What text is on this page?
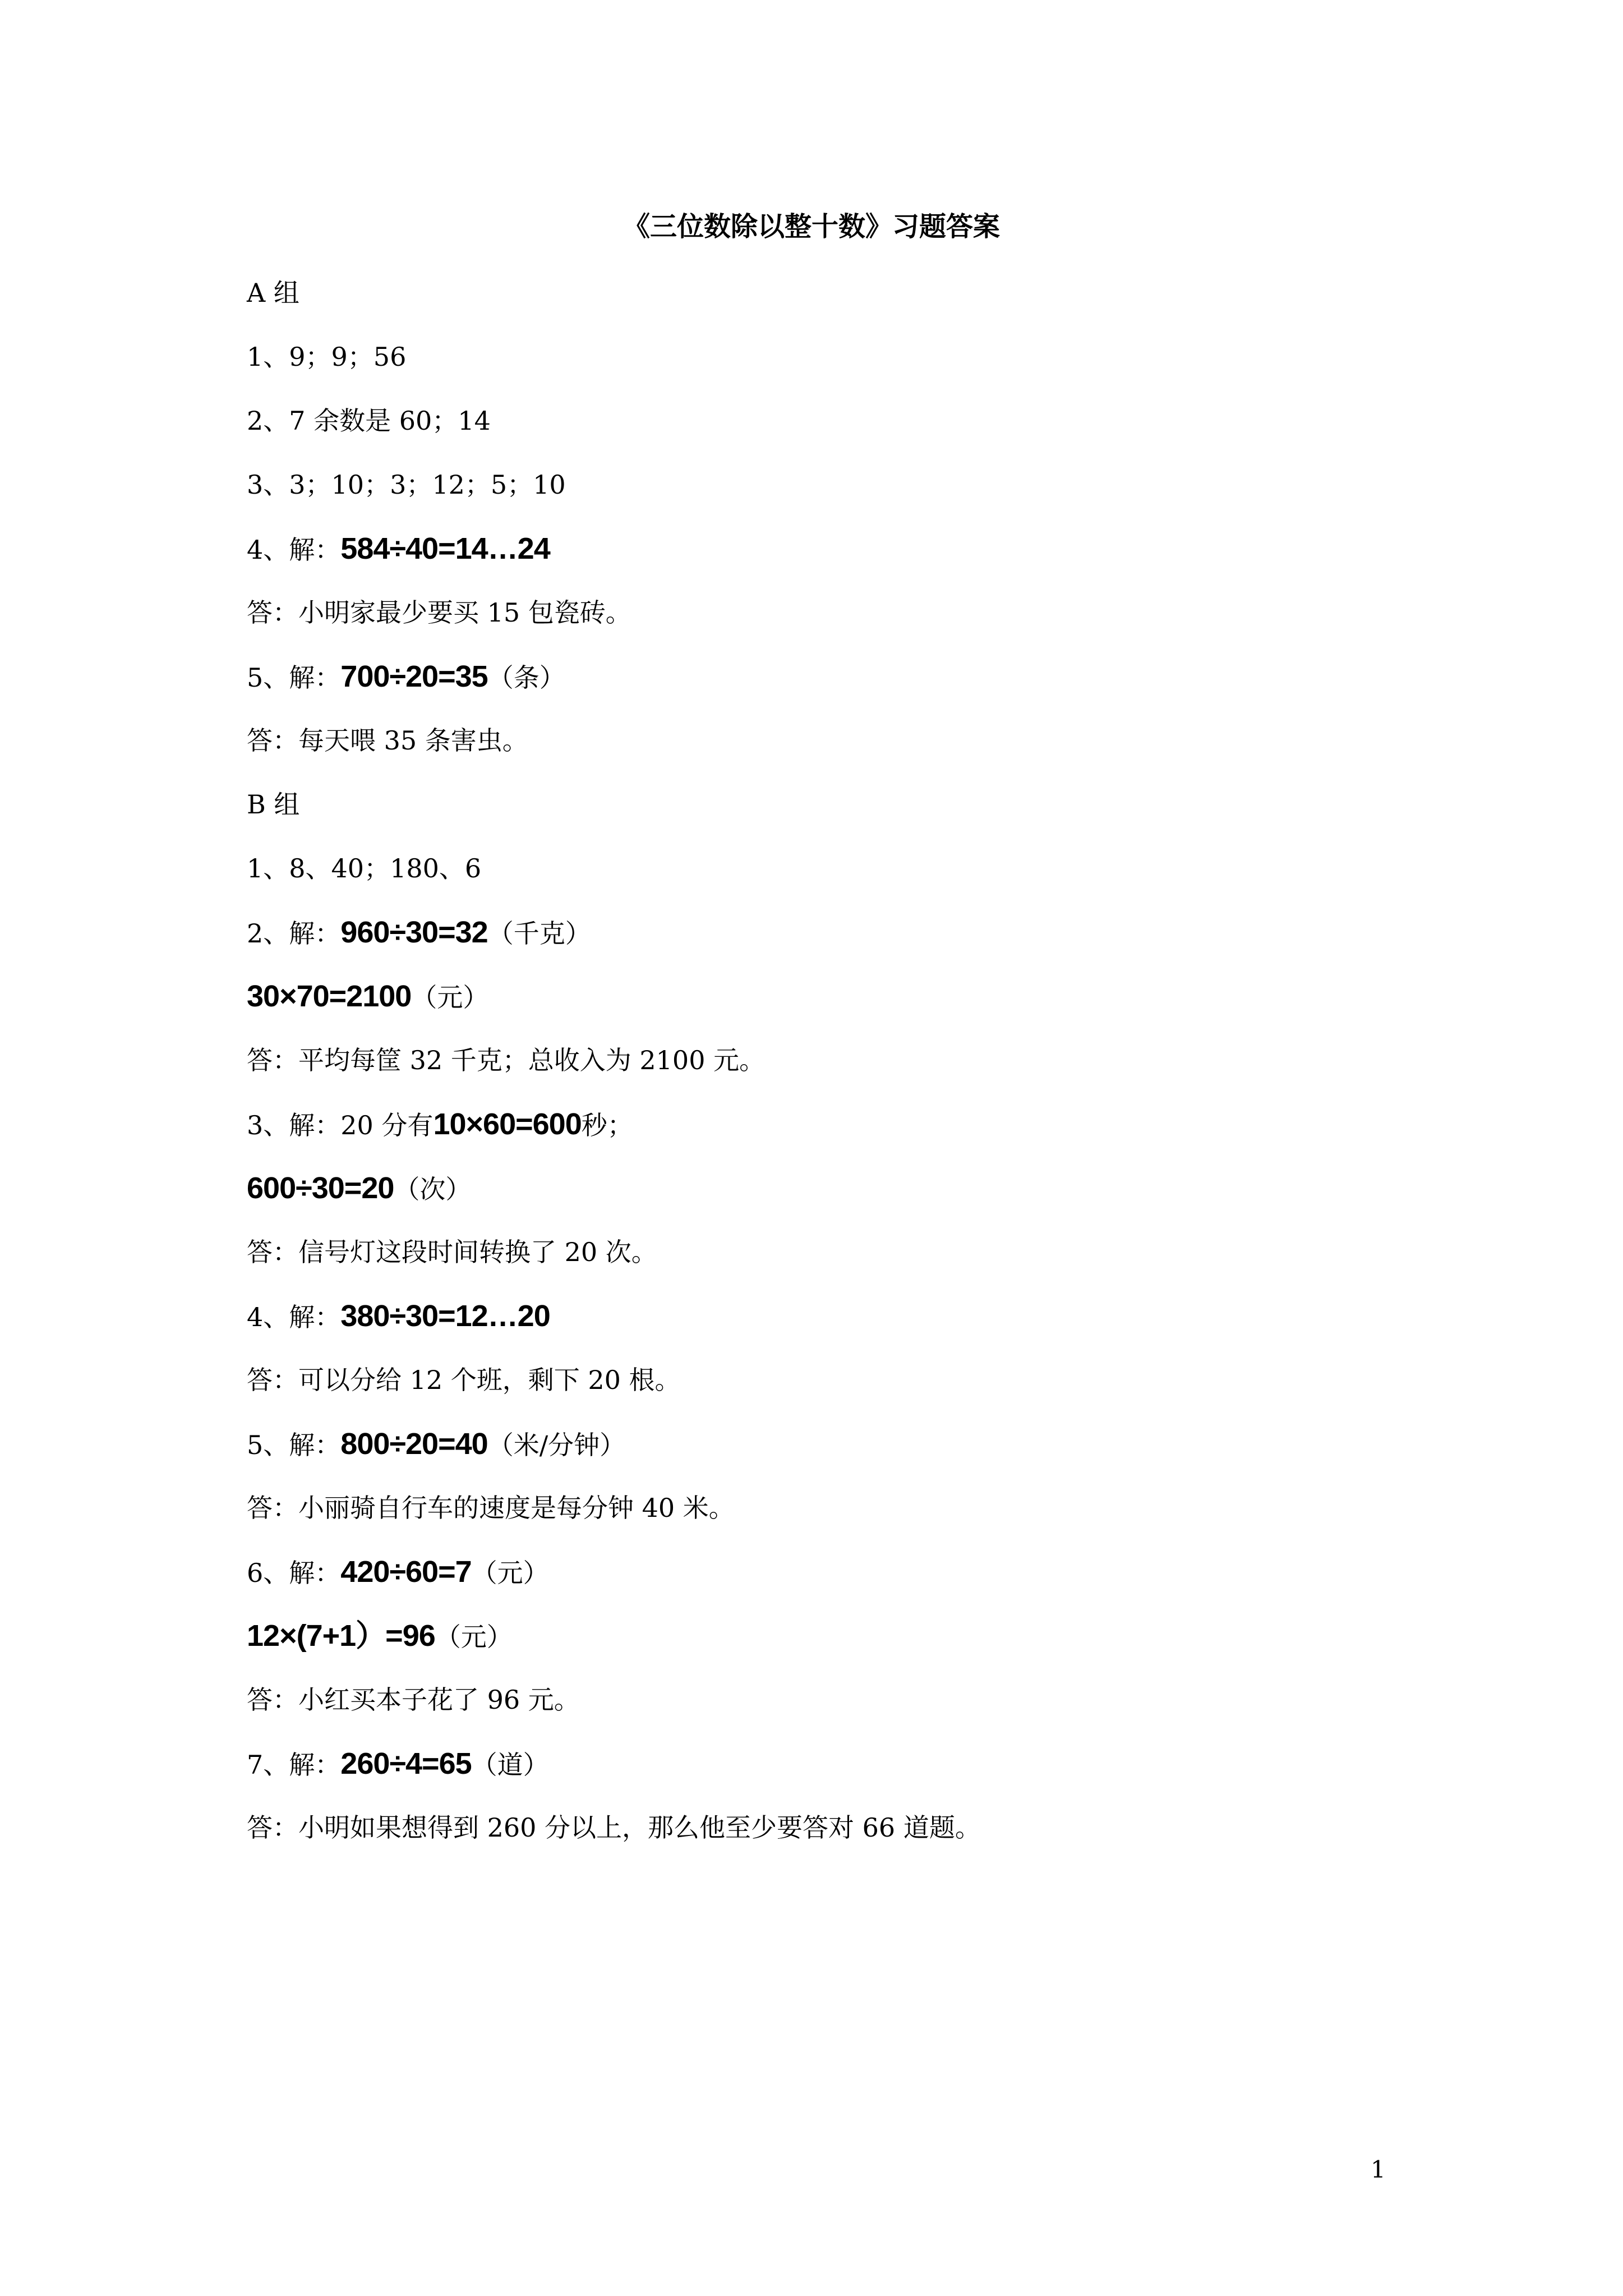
《三位数除以整十数》习题答案
A 组
1、9；9；56
2、7 余数是 60；14
3、3；10；3；12；5；10
4、解：584÷40=14…24
答：小明家最少要买 15 包瓷砖。
5、解：700÷20=35（条）
答：每天喂 35 条害虫。
B 组
1、8、40；180、6
2、解：960÷30=32（千克）
30×70=2100（元）
答：平均每筐 32 千克；总收入为 2100 元。
3、解：20 分有10×60=600秒；
600÷30=20（次）
答：信号灯这段时间转换了 20 次。
4、解：380÷30=12…20
答：可以分给 12 个班，剩下 20 根。
5、解：800÷20=40（米/分钟）
答：小丽骑自行车的速度是每分钟 40 米。
6、解：420÷60=7（元）
12×(7+1）=96（元）
答：小红买本子花了 96 元。
7、解：260÷4=65（道）
答：小明如果想得到 260 分以上，那么他至少要答对 66 道题。
1
